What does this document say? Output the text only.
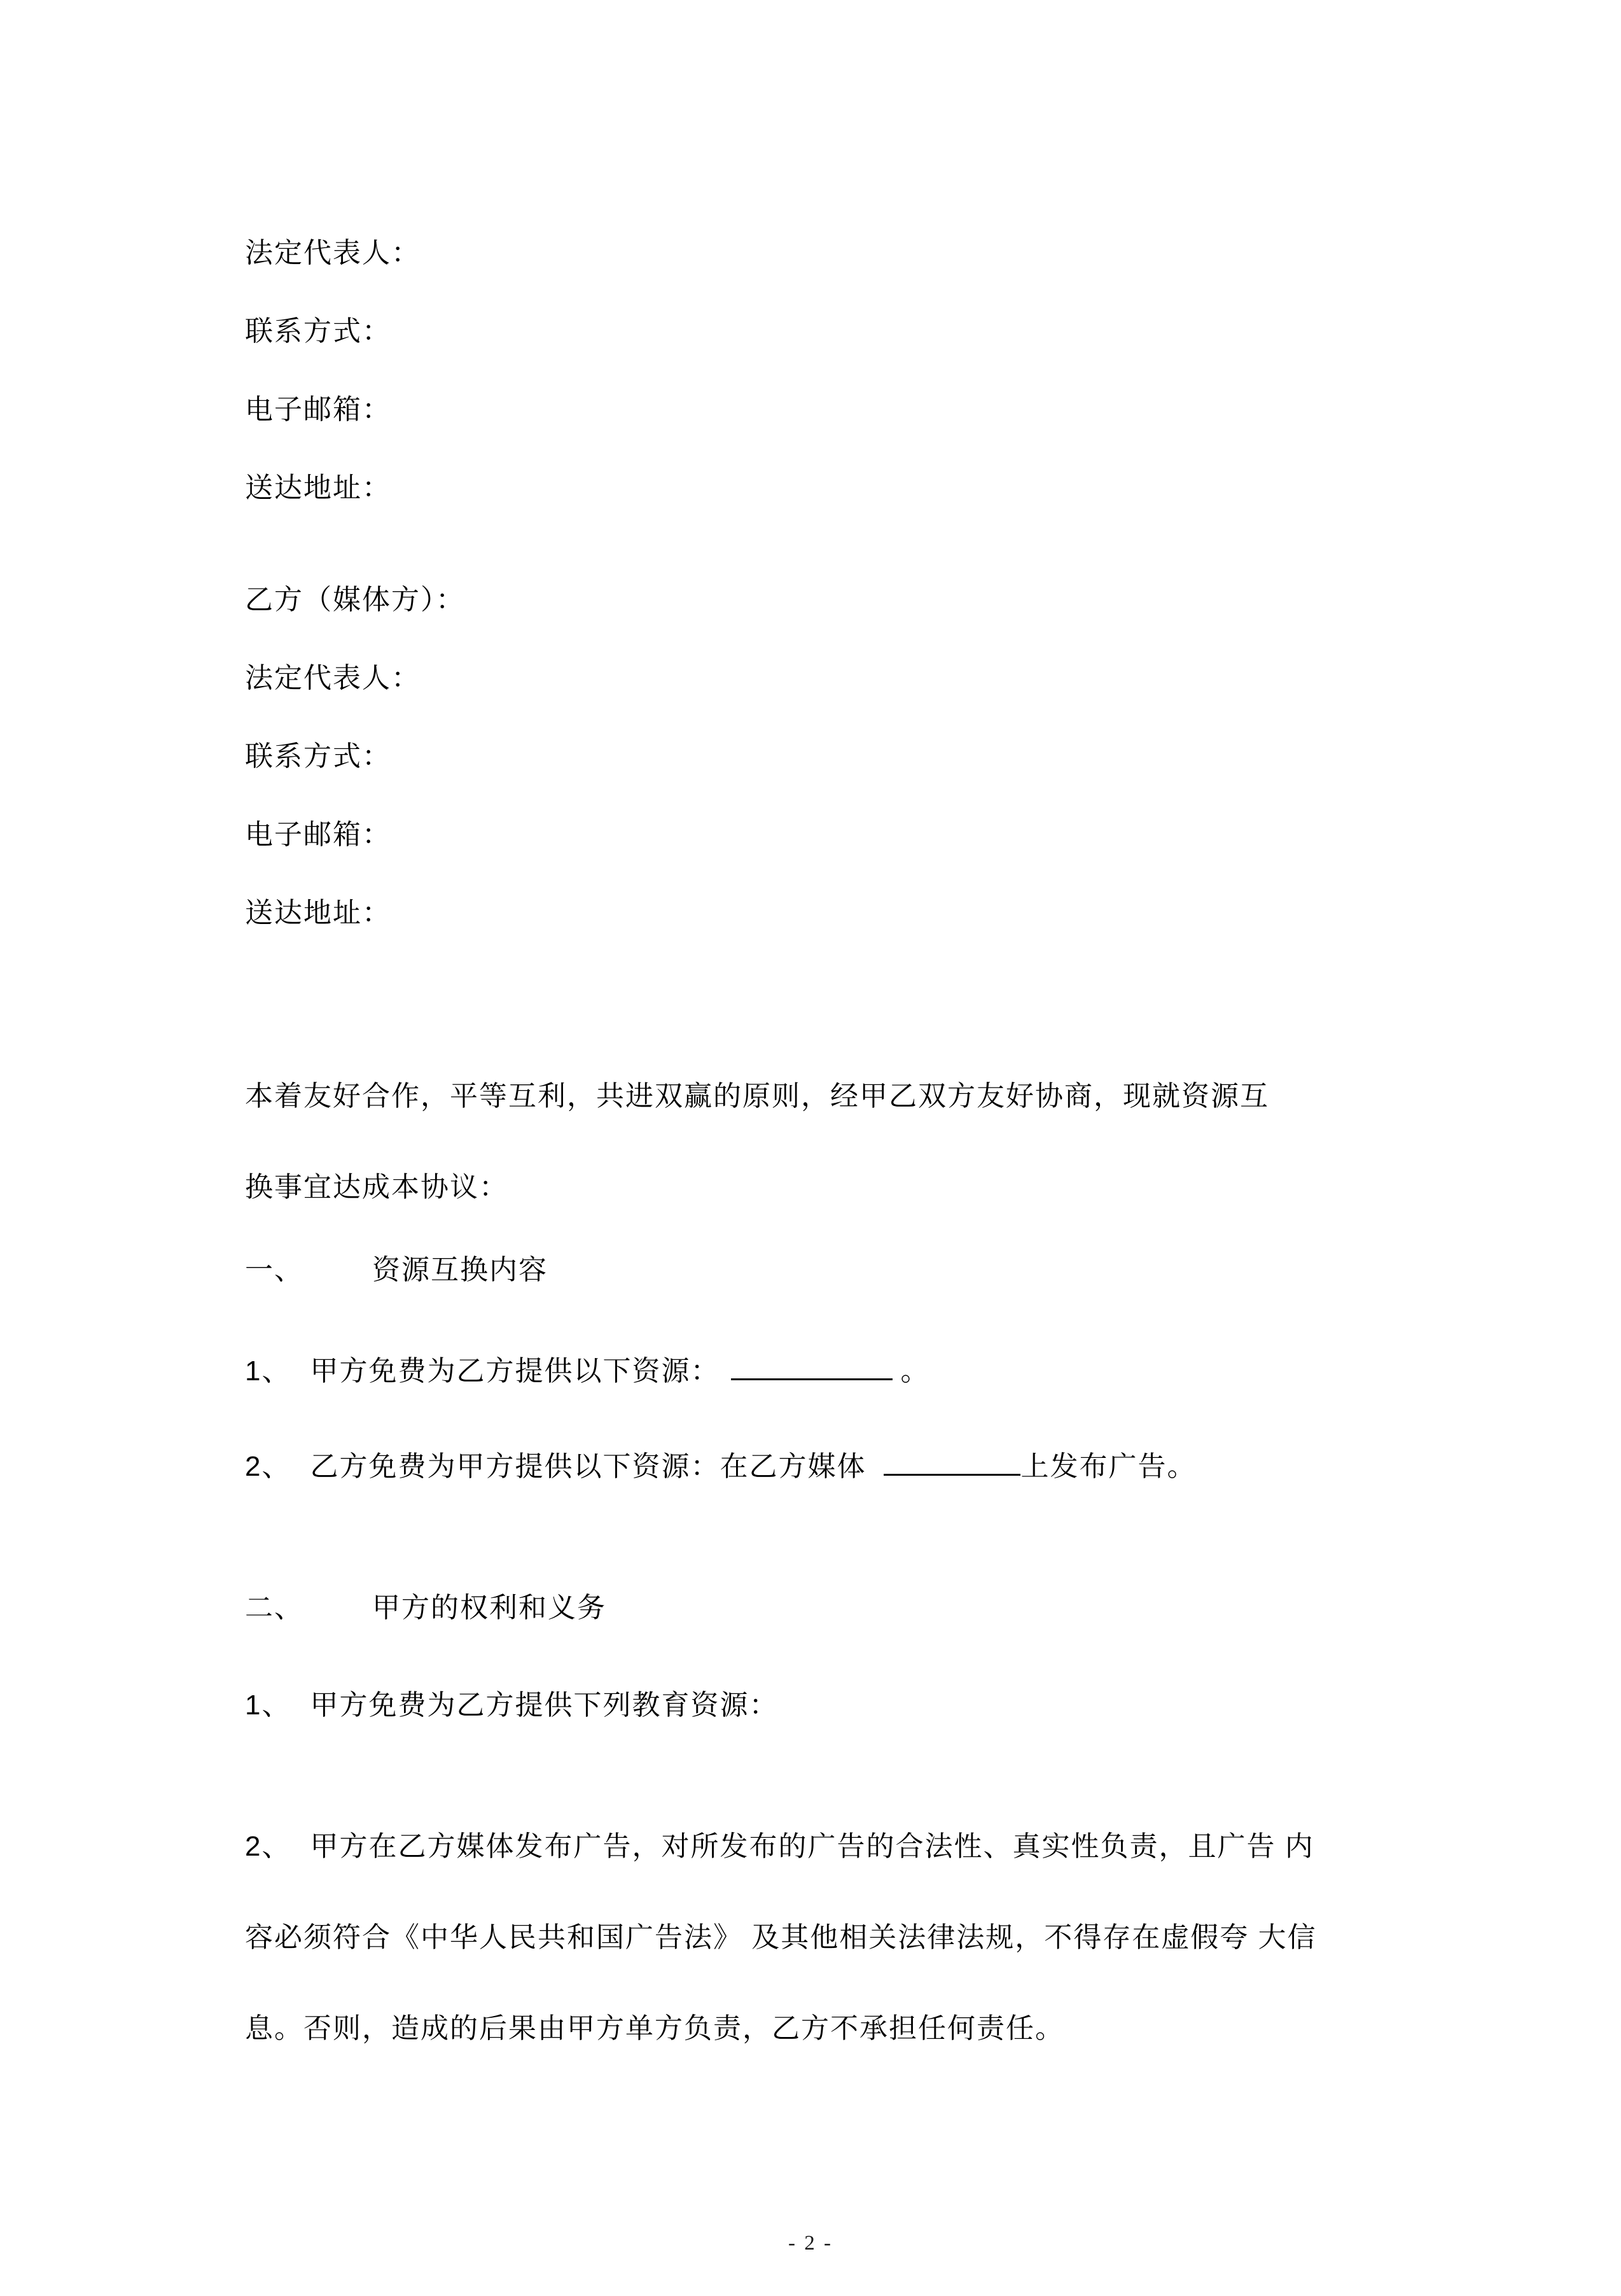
法定代表人：

联系方式：

电子邮箱：

送达地址：

乙方（媒体方）：

法定代表人：

联系方式：

电子邮箱：

送达地址：

本着友好合作，平等互利，共进双赢的原则，经甲乙双方友好协商，现就资源互

换事宜达成本协议：

一、 资源互换内容

1、 甲方免费为乙方提供以下资源：	。

2、 乙方免费为甲方提供以下资源：在乙方媒体	上发布广告。

二、 甲方的权利和义务

1、 甲方免费为乙方提供下列教育资源：

2、 甲方在乙方媒体发布广告，对所发布的广告的合法性、真实性负责，且广告 内

容必须符合《中华人民共和国广告法》 及其他相关法律法规，不得存在虚假夸 大信

息。否则，造成的后果由甲方单方负责，乙方不承担任何责任。

- 2 -
